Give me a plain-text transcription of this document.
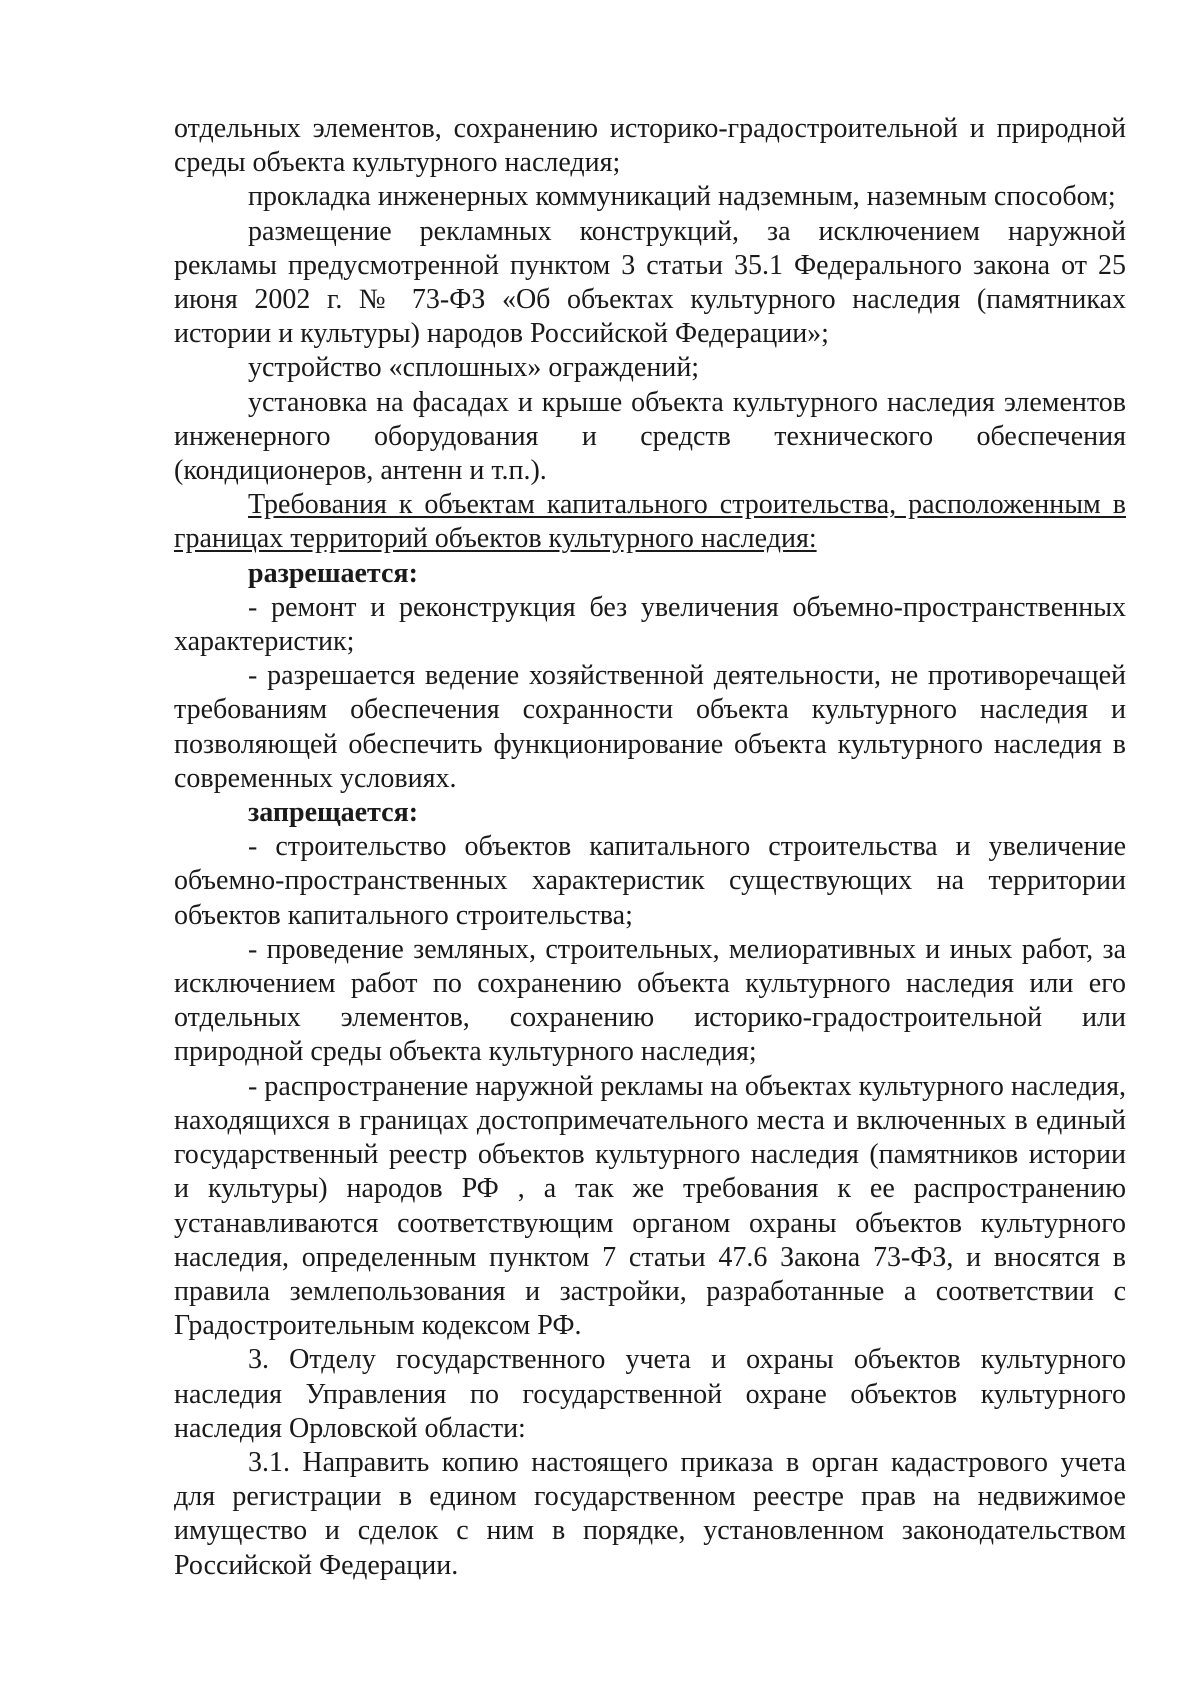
отдельных элементов, сохранению историко-градостроительной и природной среды объекта культурного наследия;

прокладка инженерных коммуникаций надземным, наземным способом;

размещение рекламных конструкций, за исключением наружной рекламы предусмотренной пунктом 3 статьи 35.1 Федерального закона от 25 июня 2002 г. № 73-ФЗ «Об объектах культурного наследия (памятниках истории и культуры) народов Российской Федерации»;

устройство «сплошных» ограждений;

установка на фасадах и крыше объекта культурного наследия элементов инженерного оборудования и средств технического обеспечения (кондиционеров, антенн и т.п.).

Требования к объектам капитального строительства, расположенным в границах территорий объектов культурного наследия:

разрешается:

- ремонт и реконструкция без увеличения объемно-пространственных характеристик;

- разрешается ведение хозяйственной деятельности, не противоречащей требованиям обеспечения сохранности объекта культурного наследия и позволяющей обеспечить функционирование объекта культурного наследия в современных условиях.

запрещается:

- строительство объектов капитального строительства и увеличение объемно-пространственных характеристик существующих на территории объектов капитального строительства;

- проведение земляных, строительных, мелиоративных и иных работ, за исключением работ по сохранению объекта культурного наследия или его отдельных элементов, сохранению историко-градостроительной или природной среды объекта культурного наследия;

- распространение наружной рекламы на объектах культурного наследия, находящихся в границах достопримечательного места и включенных в единый государственный реестр объектов культурного наследия (памятников истории и культуры) народов РФ , а так же требования к ее распространению устанавливаются соответствующим органом охраны объектов культурного наследия, определенным пунктом 7 статьи 47.6 Закона 73-ФЗ, и вносятся в правила землепользования и застройки, разработанные а соответствии с Градостроительным кодексом РФ.

3. Отделу государственного учета и охраны объектов культурного наследия Управления по государственной охране объектов культурного наследия Орловской области:

3.1. Направить копию настоящего приказа в орган кадастрового учета для регистрации в едином государственном реестре прав на недвижимое имущество и сделок с ним в порядке, установленном законодательством Российской Федерации.
